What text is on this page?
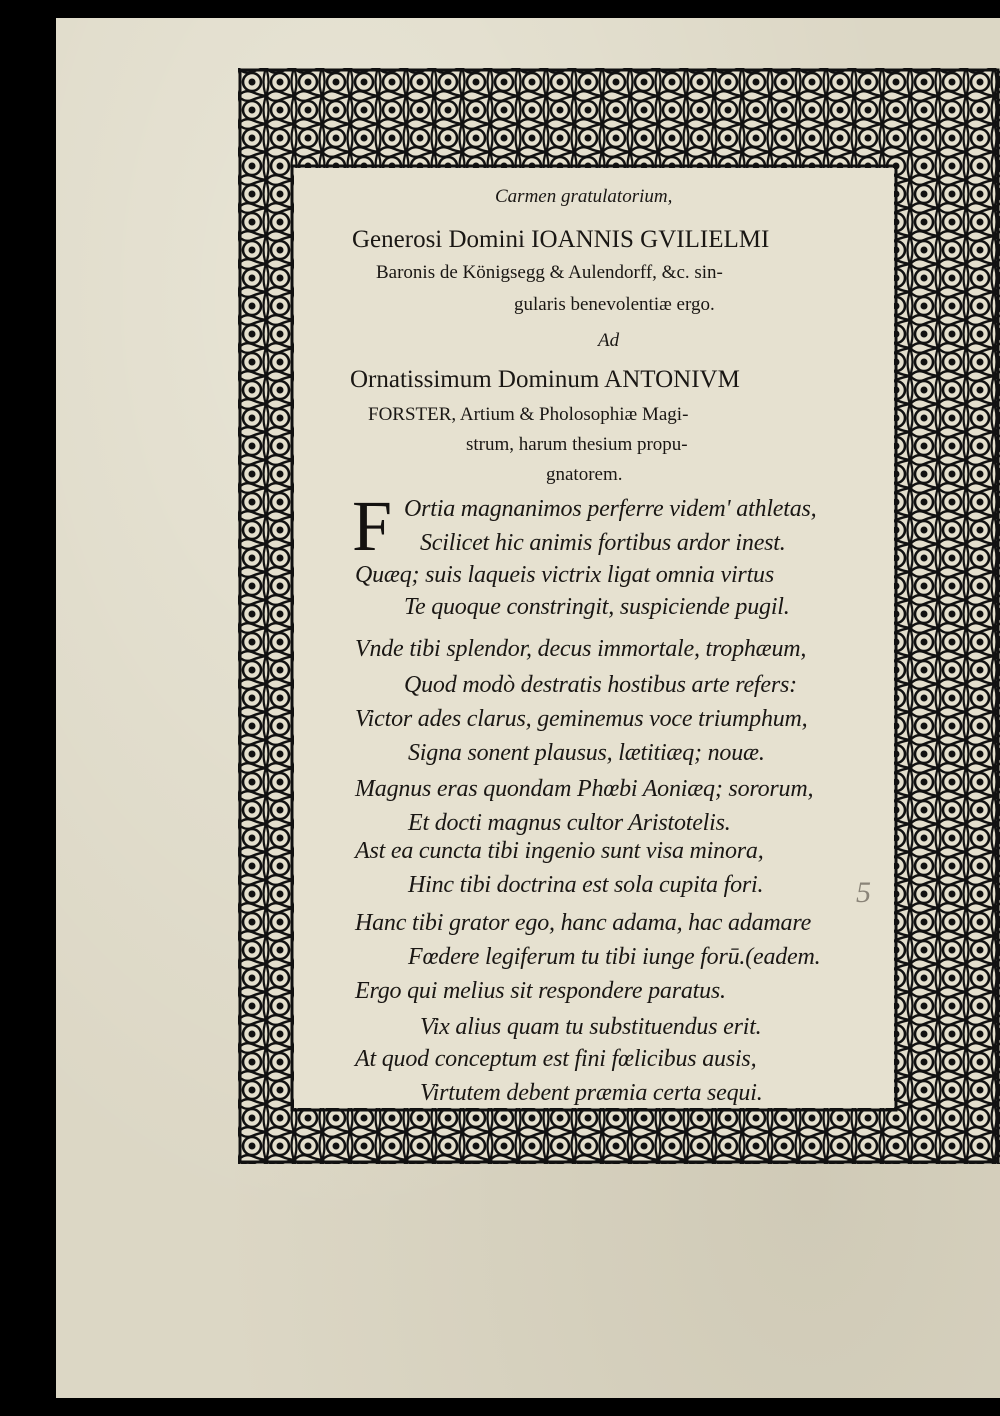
Carmen gratulatorium,
Generosi Domini IOANNIS GVILIELMI
Baronis de Königsegg & Aulendorff, &c. sin-
gularis benevolentiæ ergo.
Ad
Ornatissimum Dominum ANTONIVM
FORSTER, Artium & Pholosophiæ Magi-
strum, harum thesium propu-
gnatorem.
F Ortia magnanimos perferre videm' athletas,
Scilicet hic animis fortibus ardor inest.
Quæq; suis laqueis victrix ligat omnia virtus
Te quoque constringit, suspiciende pugil.
Vnde tibi splendor, decus immortale, trophæum,
Quod modò destratis hostibus arte refers:
Victor ades clarus, geminemus voce triumphum,
Signa sonent plausus, lætitiæq; nouæ.
Magnus eras quondam Phœbi Aoniæq; sororum,
Et docti magnus cultor Aristotelis.
Ast ea cuncta tibi ingenio sunt visa minora,
Hinc tibi doctrina est sola cupita fori.
Hanc tibi grator ego, hanc adama, hac adamare
Fœdere legiferum tu tibi iunge forū.(eadem.
Ergo qui melius sit respondere paratus.
Vix alius quam tu substituendus erit.
At quod conceptum est fini fœlicibus ausis,
Virtutem debent præmia certa sequi.
5
